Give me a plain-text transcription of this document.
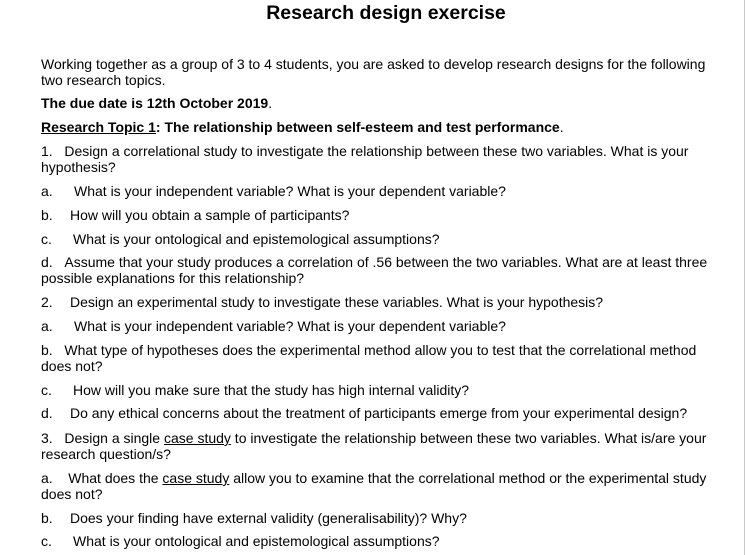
Research design exercise
Working together as a group of 3 to 4 students, you are asked to develop research designs for the following two research topics.
The due date is 12th October 2019.
Research Topic 1: The relationship between self-esteem and test performance.
1. Design a correlational study to investigate the relationship between these two variables. What is your hypothesis?
a. What is your independent variable? What is your dependent variable?
b. How will you obtain a sample of participants?
c. What is your ontological and epistemological assumptions?
d. Assume that your study produces a correlation of .56 between the two variables. What are at least three possible explanations for this relationship?
2. Design an experimental study to investigate these variables. What is your hypothesis?
a. What is your independent variable? What is your dependent variable?
b. What type of hypotheses does the experimental method allow you to test that the correlational method does not?
c. How will you make sure that the study has high internal validity?
d. Do any ethical concerns about the treatment of participants emerge from your experimental design?
3. Design a single case study to investigate the relationship between these two variables. What is/are your research question/s?
a. What does the case study allow you to examine that the correlational method or the experimental study does not?
b. Does your finding have external validity (generalisability)? Why?
c. What is your ontological and epistemological assumptions?
